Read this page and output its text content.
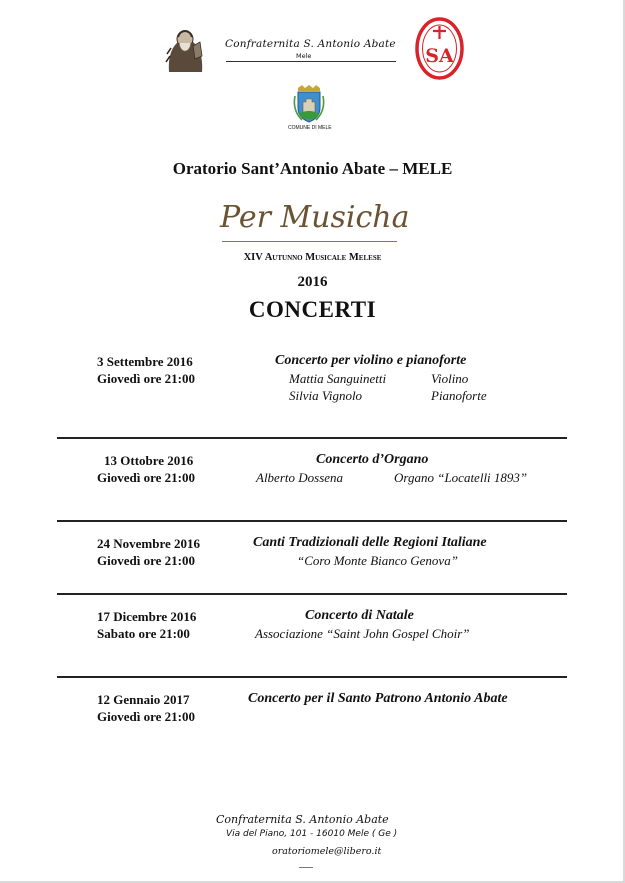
Confraternita S. Antonio Abate
Mele	SA
COMUNE DI MELE
Oratorio Sant’Antonio Abate – MELE
Per Musicha
XIV Autunno Musicale Melese
2016
CONCERTI
3 Settembre 2016
Giovedì ore 21:00
Concerto per violino e pianoforte
Mattia Sanguinetti	Violino
Silvia Vignolo	Pianoforte
13 Ottobre 2016
Giovedì ore 21:00
Concerto d’Organo
Alberto Dossena	Organo “Locatelli 1893”
24 Novembre 2016
Giovedì ore 21:00
Canti Tradizionali delle Regioni Italiane
“Coro Monte Bianco Genova”
17 Dicembre 2016
Sabato ore 21:00
Concerto di Natale
Associazione “Saint John Gospel Choir”
12 Gennaio 2017
Giovedì ore 21:00
Concerto per il Santo Patrono Antonio Abate
Confraternita S. Antonio Abate
Via del Piano, 101 - 16010 Mele ( Ge )
oratoriomele@libero.it
